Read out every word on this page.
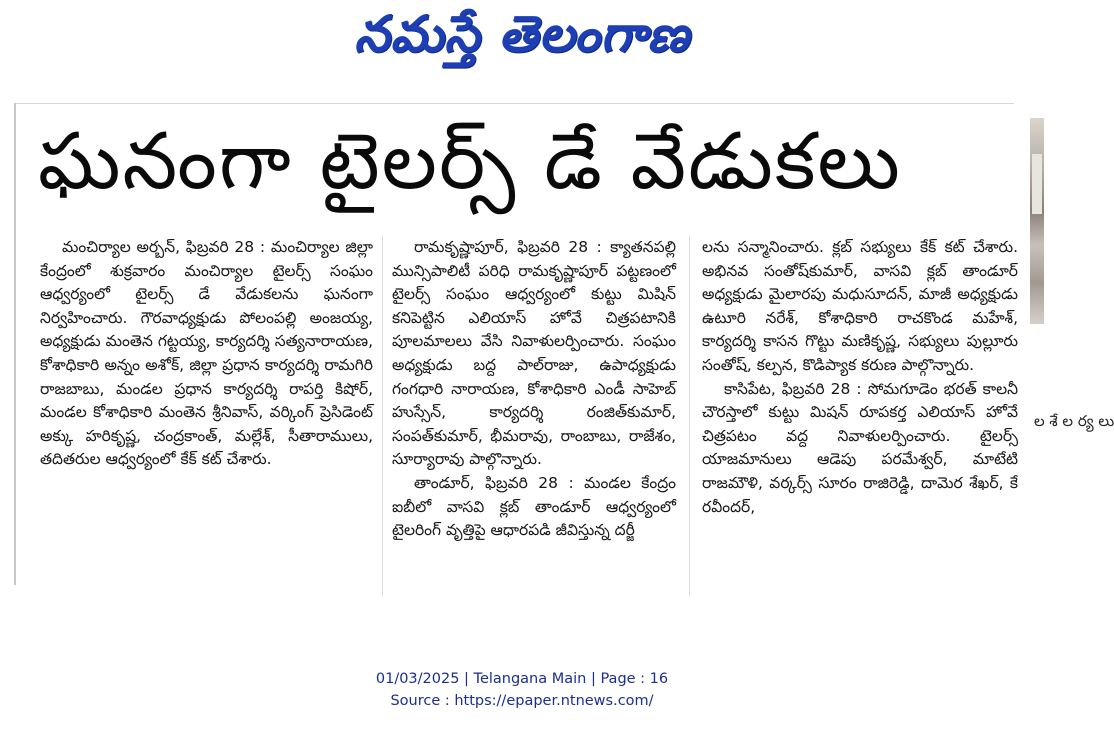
నమస్తే తెలంగాణ
ఘనంగా టైలర్స్ డే వేడుకలు

మంచిర్యాల అర్బన్, ఫిబ్రవరి 28 : మంచిర్యాల జిల్లా కేంద్రంలో శుక్రవారం మంచిర్యాల టైలర్స్ సంఘం ఆధ్వర్యంలో టైలర్స్ డే వేడుకలను ఘనంగా నిర్వహించారు. గౌరవాధ్యక్షుడు పోలంపల్లి అంజయ్య, అధ్యక్షుడు మంతెన గట్టయ్య, కార్యదర్శి సత్యనారాయణ, కోశాధికారి అన్నం అశోక్, జిల్లా ప్రధాన కార్యదర్శి రామగిరి రాజబాబు, మండల ప్రధాన కార్యదర్శి రాపర్తి కిషోర్, మండల కోశాధికారి మంతెన శ్రీనివాస్, వర్కింగ్ ప్రెసిడెంట్ అక్కు హరికృష్ణ, చంద్రకాంత్, మల్లేశ్, సీతారాములు, తదితరుల ఆధ్వర్యంలో కేక్ కట్ చేశారు.

రామకృష్ణాపూర్, ఫిబ్రవరి 28 : క్యాతనపల్లి మున్సిపాలిటీ పరిధి రామకృష్ణాపూర్ పట్టణంలో టైలర్స్ సంఘం ఆధ్వర్యంలో కుట్టు మిషిన్ కనిపెట్టిన ఎలియాస్ హోవే చిత్రపటానికి పూలమాలలు వేసి నివాళులర్పించారు. సంఘం అధ్యక్షుడు బద్ద పాల్‌రాజు, ఉపాధ్యక్షుడు గంగధారి నారాయణ, కోశాధికారి ఎండీ సాహెబ్ హుస్సేన్, కార్యదర్శి రంజిత్‌కుమార్, సంపత్‌కుమార్, భీమరావు, రాంబాబు, రాజేశం, సూర్యారావు పాల్గొన్నారు.

తాండూర్, ఫిబ్రవరి 28 : మండల కేంద్రం ఐబీలో వాసవి క్లబ్ తాండూర్ ఆధ్వర్యంలో టైలరింగ్ వృత్తిపై ఆధారపడి జీవిస్తున్న దర్జీ

లను సన్మానించారు. క్లబ్ సభ్యులు కేక్ కట్ చేశారు. అభినవ సంతోష్‌కుమార్, వాసవి క్లబ్ తాండూర్ అధ్యక్షుడు మైలారపు మధుసూదన్, మాజీ అధ్యక్షుడు ఉటూరి నరేశ్, కోశాధికారి రాచకొండ మహేశ్, కార్యదర్శి కాసన గొట్టు మణికృష్ణ, సభ్యులు పుల్లూరు సంతోష్, కల్పన, కొడిప్యాక కరుణ పాల్గొన్నారు.

కాసిపేట, ఫిబ్రవరి 28 : సోమగూడెం భరత్ కాలనీ చౌరస్తాలో కుట్టు మిషన్ రూపకర్త ఎలియాస్ హోవే చిత్రపటం వద్ద నివాళులర్పించారు. టైలర్స్ యాజమానులు ఆడెపు పరమేశ్వర్, మాటేటి రాజమౌళి, వర్కర్స్ సూరం రాజిరెడ్డి, దామెర శేఖర్, కే రవీందర్,

ల శే ల ర్య లు
01/03/2025 | Telangana Main | Page : 16
Source : https://epaper.ntnews.com/
